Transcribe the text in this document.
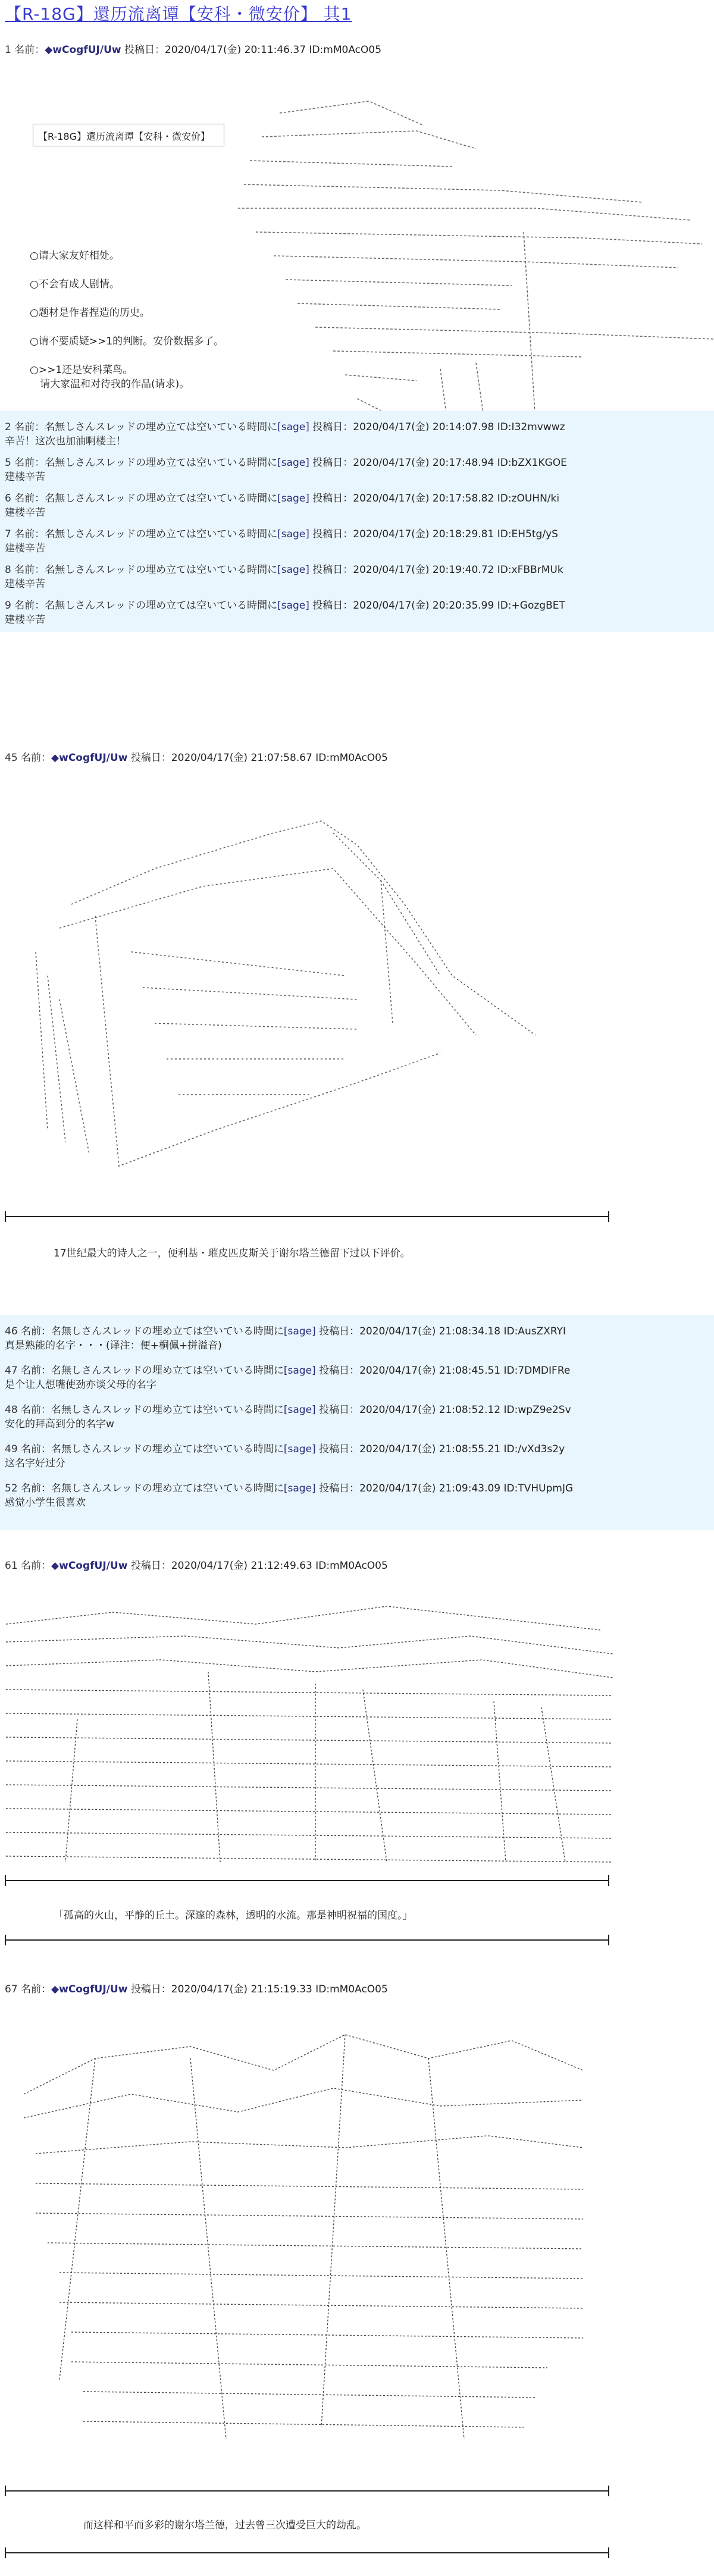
【R-18G】還历流离谭【安科・微安价】 其1
1 名前：◆wCogfUJ/Uw 投稿日：2020/04/17(金) 20:11:46.37 ID:mM0AcO05
【R-18G】還历流离谭【安科・微安价】
○请大家友好相处。
○不会有成人剧情。
○题材是作者捏造的历史。
○请不要质疑>>1的判断。安价数据多了。
○>>1还是安科菜鸟。
　请大家温和对待我的作品(请求)。
2 名前：名無しさんスレッドの埋め立ては空いている時間に[sage] 投稿日：2020/04/17(金) 20:14:07.98 ID:I32mvwwz
辛苦！这次也加油啊楼主！
5 名前：名無しさんスレッドの埋め立ては空いている時間に[sage] 投稿日：2020/04/17(金) 20:17:48.94 ID:bZX1KGOE
建楼辛苦
6 名前：名無しさんスレッドの埋め立ては空いている時間に[sage] 投稿日：2020/04/17(金) 20:17:58.82 ID:zOUHN/ki
建楼辛苦
7 名前：名無しさんスレッドの埋め立ては空いている時間に[sage] 投稿日：2020/04/17(金) 20:18:29.81 ID:EH5tg/yS
建楼辛苦
8 名前：名無しさんスレッドの埋め立ては空いている時間に[sage] 投稿日：2020/04/17(金) 20:19:40.72 ID:xFBBrMUk
建楼辛苦
9 名前：名無しさんスレッドの埋め立ては空いている時間に[sage] 投稿日：2020/04/17(金) 20:20:35.99 ID:+GozgBET
建楼辛苦
45 名前：◆wCogfUJ/Uw 投稿日：2020/04/17(金) 21:07:58.67 ID:mM0AcO05
17世纪最大的诗人之一，便利基・璀皮匹皮斯关于谢尔塔兰德留下过以下评价。
46 名前：名無しさんスレッドの埋め立ては空いている時間に[sage] 投稿日：2020/04/17(金) 21:08:34.18 ID:AusZXRYI
真是熟能的名字・・・(译注：便+桐佩+拼溢音)
47 名前：名無しさんスレッドの埋め立ては空いている時間に[sage] 投稿日：2020/04/17(金) 21:08:45.51 ID:7DMDIFRe
是个让人想嘴使劲亦谈父母的名字
48 名前：名無しさんスレッドの埋め立ては空いている時間に[sage] 投稿日：2020/04/17(金) 21:08:52.12 ID:wpZ9e2Sv
安化的拜高到分的名字w
49 名前：名無しさんスレッドの埋め立ては空いている時間に[sage] 投稿日：2020/04/17(金) 21:08:55.21 ID:/vXd3s2y
这名字好过分
52 名前：名無しさんスレッドの埋め立ては空いている時間に[sage] 投稿日：2020/04/17(金) 21:09:43.09 ID:TVHUpmJG
感觉小学生很喜欢
61 名前：◆wCogfUJ/Uw 投稿日：2020/04/17(金) 21:12:49.63 ID:mM0AcO05
「孤高的火山，平静的丘土。深邃的森林，透明的水流。那是神明祝福的国度。」
67 名前：◆wCogfUJ/Uw 投稿日：2020/04/17(金) 21:15:19.33 ID:mM0AcO05
而这样和平而多彩的谢尔塔兰德，过去曾三次遭受巨大的劫乱。
